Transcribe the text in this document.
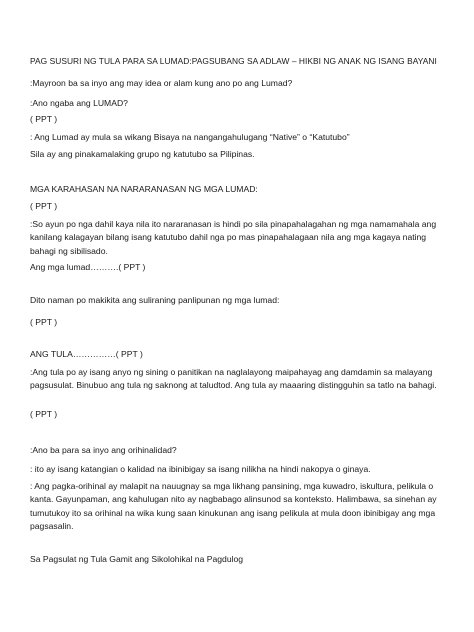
PAG SUSURI NG TULA PARA SA LUMAD:PAGSUBANG SA ADLAW – HIKBI NG ANAK NG ISANG BAYANI

:Mayroon ba sa inyo ang may idea or alam kung ano po ang Lumad?

:Ano ngaba ang LUMAD?

( PPT )

: Ang Lumad ay mula sa wikang Bisaya na nangangahulugang “Native” o “Katutubo”

Sila ay ang pinakamalaking grupo ng katutubo sa Pilipinas.

MGA KARAHASAN NA NARARANASAN NG MGA LUMAD:

( PPT )

:So ayun po nga dahil kaya nila ito nararanasan is hindi po sila pinapahalagahan ng mga namamahala ang kanilang kalagayan bilang isang katutubo dahil nga po mas pinapahalagaan nila ang mga kagaya nating bahagi ng sibilisado.

Ang mga lumad……….( PPT )

Dito naman po makikita ang suliraning panlipunan ng mga lumad:

( PPT )

ANG TULA……………( PPT )

:Ang tula po ay isang anyo ng sining o panitikan na naglalayong maipahayag ang damdamin sa malayang pagsusulat. Binubuo ang tula ng saknong at taludtod. Ang tula ay maaaring distingguhin sa tatlo na bahagi.

( PPT )

:Ano ba para sa inyo ang orihinalidad?

: ito ay isang katangian o kalidad na ibinibigay sa isang nilikha na hindi nakopya o ginaya.

: Ang pagka-orihinal ay malapit na nauugnay sa mga likhang pansining, mga kuwadro, iskultura, pelikula o kanta. Gayunpaman, ang kahulugan nito ay nagbabago alinsunod sa konteksto. Halimbawa, sa sinehan ay tumutukoy ito sa orihinal na wika kung saan kinukunan ang isang pelikula at mula doon ibinibigay ang mga pagsasalin.

Sa Pagsulat ng Tula Gamit ang Sikolohikal na Pagdulog
